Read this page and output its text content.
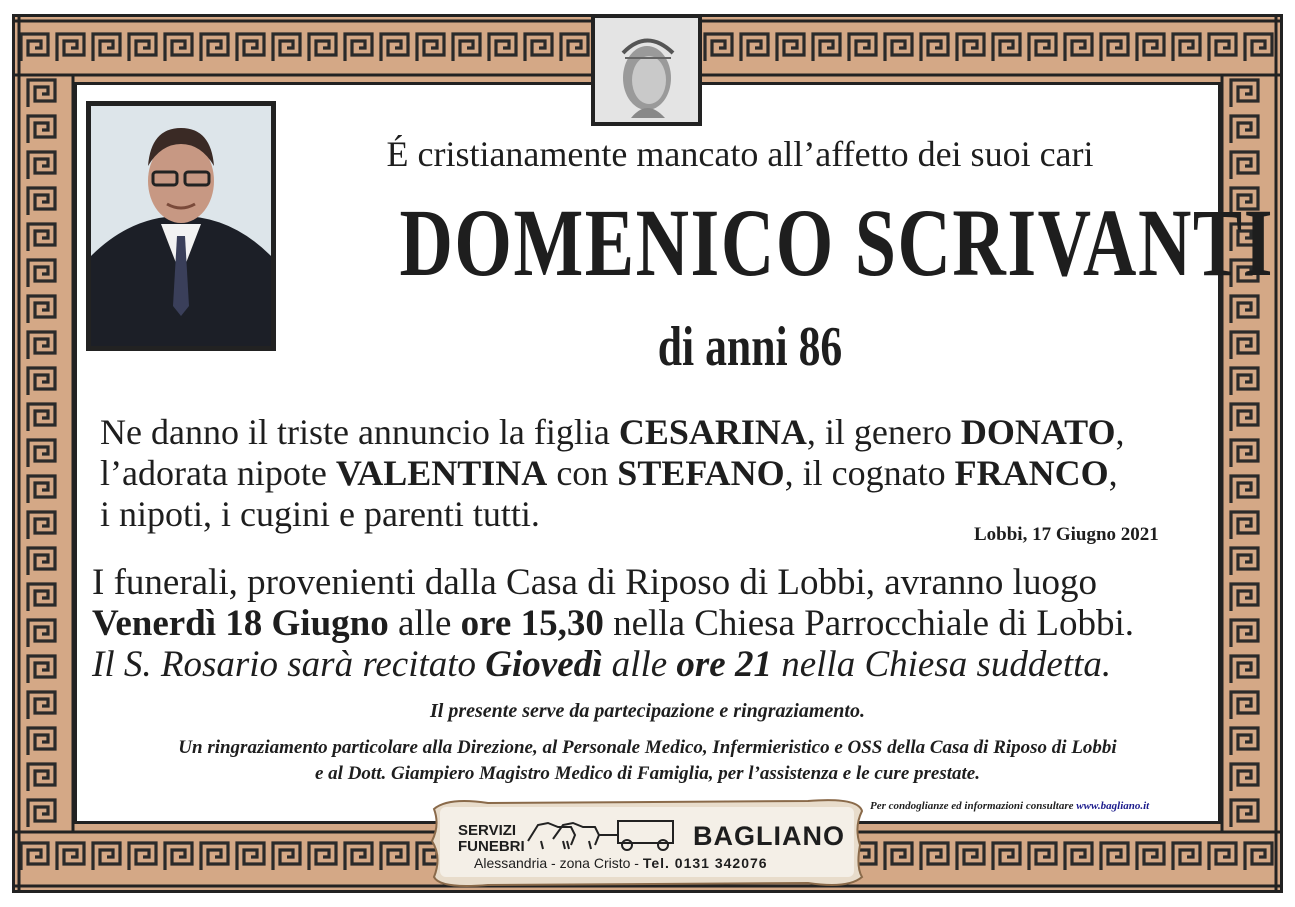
É cristianamente mancato all’affetto dei suoi cari
DOMENICO SCRIVANTI
di anni 86
Ne danno il triste annuncio la figlia CESARINA, il genero DONATO,
l’adorata nipote VALENTINA con STEFANO, il cognato FRANCO,
i nipoti, i cugini e parenti tutti.
Lobbi, 17 Giugno 2021
I funerali, provenienti dalla Casa di Riposo di Lobbi, avranno luogo
Venerdì 18 Giugno alle ore 15,30 nella Chiesa Parrocchiale di Lobbi.
Il S. Rosario sarà recitato Giovedì alle ore 21 nella Chiesa suddetta.
Il presente serve da partecipazione e ringraziamento.
Un ringraziamento particolare alla Direzione, al Personale Medico, Infermieristico e OSS della Casa di Riposo di Lobbi
e al Dott. Giampiero Magistro Medico di Famiglia, per l’assistenza e le cure prestate.
Per condoglianze ed informazioni consultare www.bagliano.it
SERVIZI
FUNEBRI	BAGLIANO
Alessandria - zona Cristo - Tel. 0131 342076
